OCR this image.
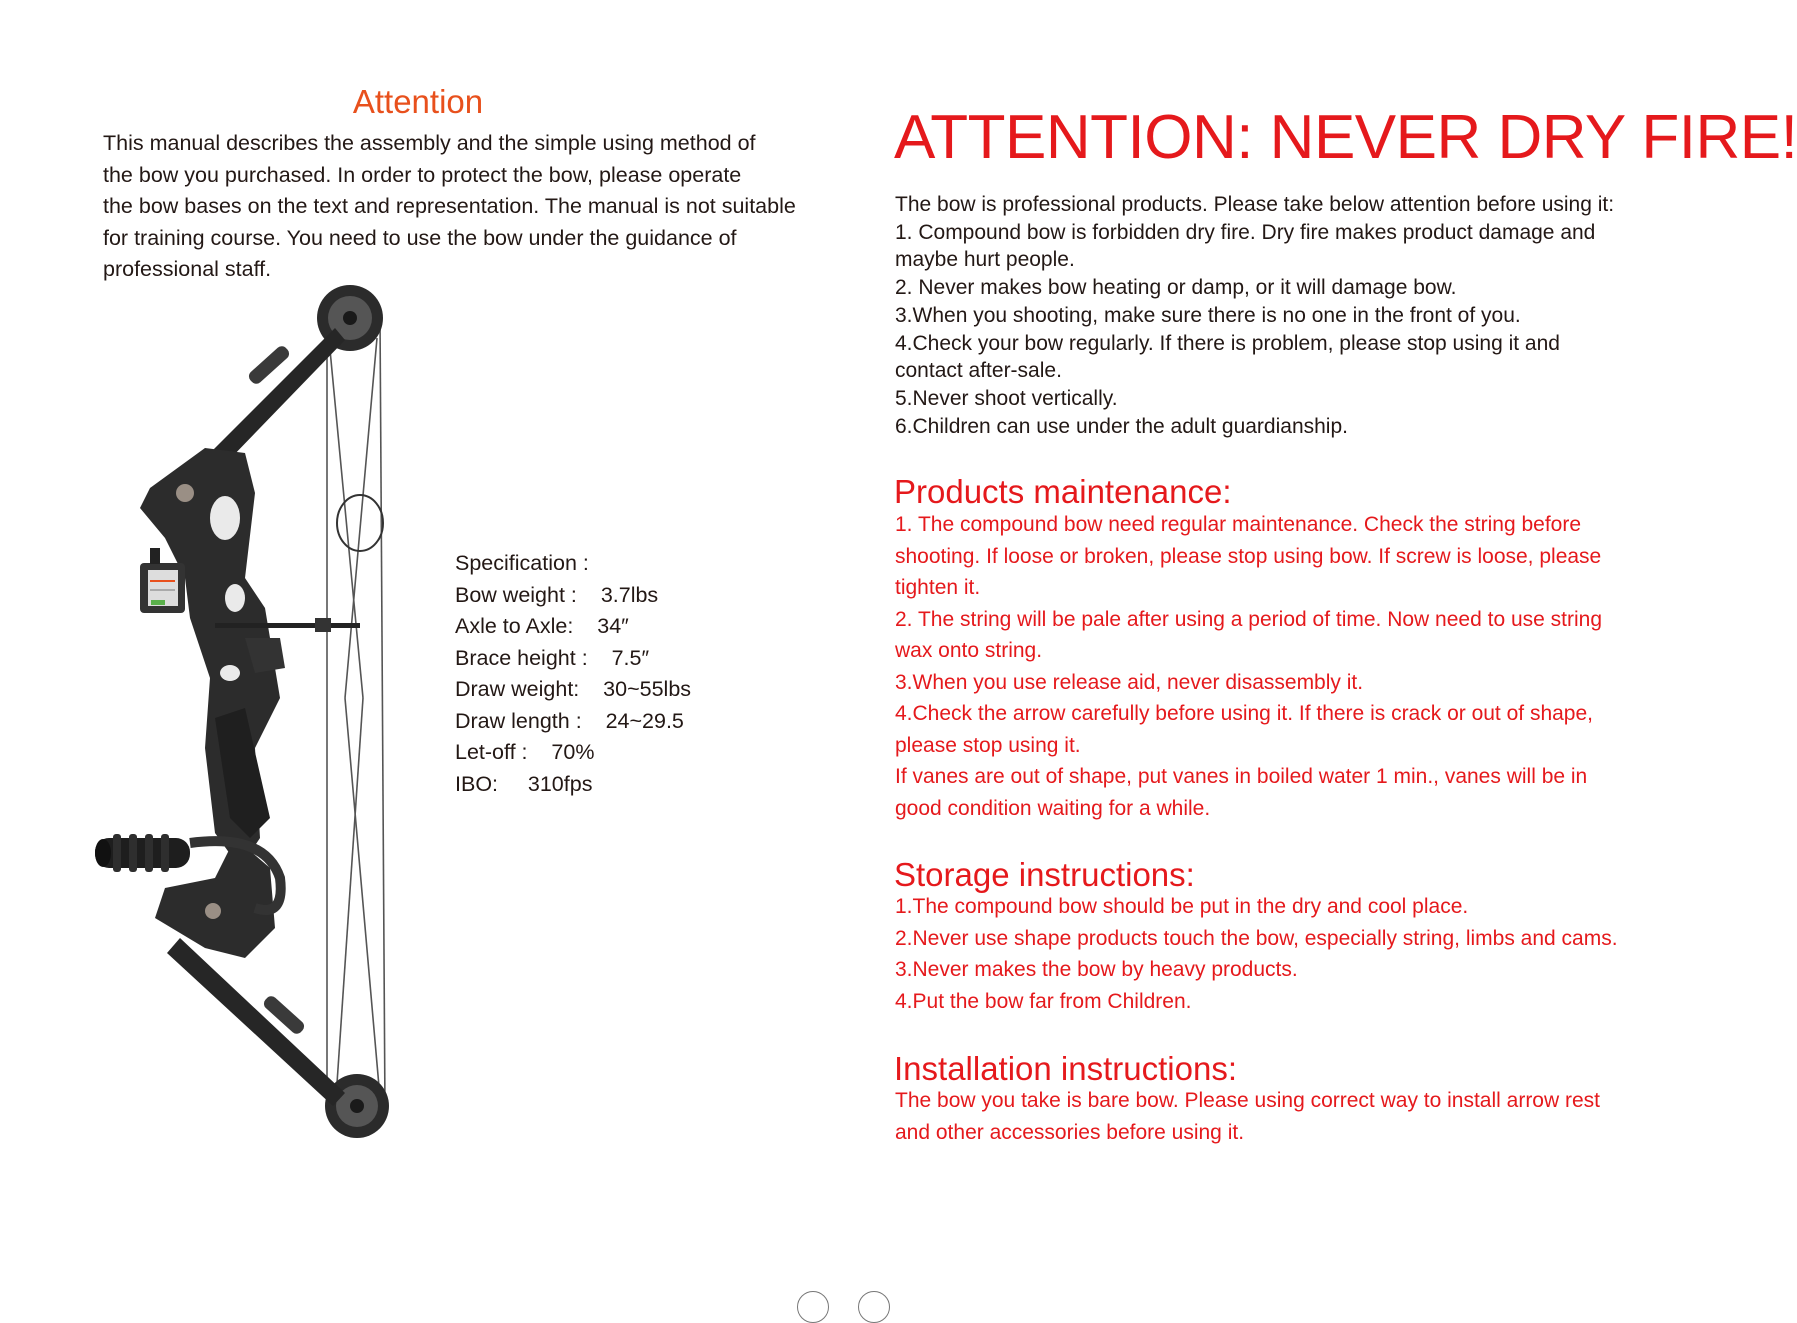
Attention

This manual describes the assembly and the simple using method of

the bow you purchased. In order to protect the bow, please operate

the bow bases on the text and representation. The manual is not suitable

for training course. You need to use the bow under the guidance of

professional staff.

Specification :
Bow weight : 3.7lbs
Axle to Axle: 34″
Brace height : 7.5″
Draw weight: 30~55lbs
Draw length : 24~29.5
Let-off : 70%
IBO: 310fps
ATTENTION: NEVER DRY FIRE!
The bow is professional products. Please take below attention before using it:
1. Compound bow is forbidden dry fire. Dry fire makes product damage and
maybe hurt people.
2. Never makes bow heating or damp, or it will damage bow.
3.When you shooting, make sure there is no one in the front of you.
4.Check your bow regularly. If there is problem, please stop using it and
contact after-sale.
5.Never shoot vertically.
6.Children can use under the adult guardianship.
Products maintenance:
1. The compound bow need regular maintenance. Check the string before
shooting. If loose or broken, please stop using bow. If screw is loose, please
tighten it.
2. The string will be pale after using a period of time. Now need to use string
wax onto string.
3.When you use release aid, never disassembly it.
4.Check the arrow carefully before using it. If there is crack or out of shape,
please stop using it.
If vanes are out of shape, put vanes in boiled water 1 min., vanes will be in
good condition waiting for a while.
Storage instructions:
1.The compound bow should be put in the dry and cool place.
2.Never use shape products touch the bow, especially string, limbs and cams.
3.Never makes the bow by heavy products.
4.Put the bow far from Children.
Installation instructions:
The bow you take is bare bow. Please using correct way to install arrow rest
and other accessories before using it.
